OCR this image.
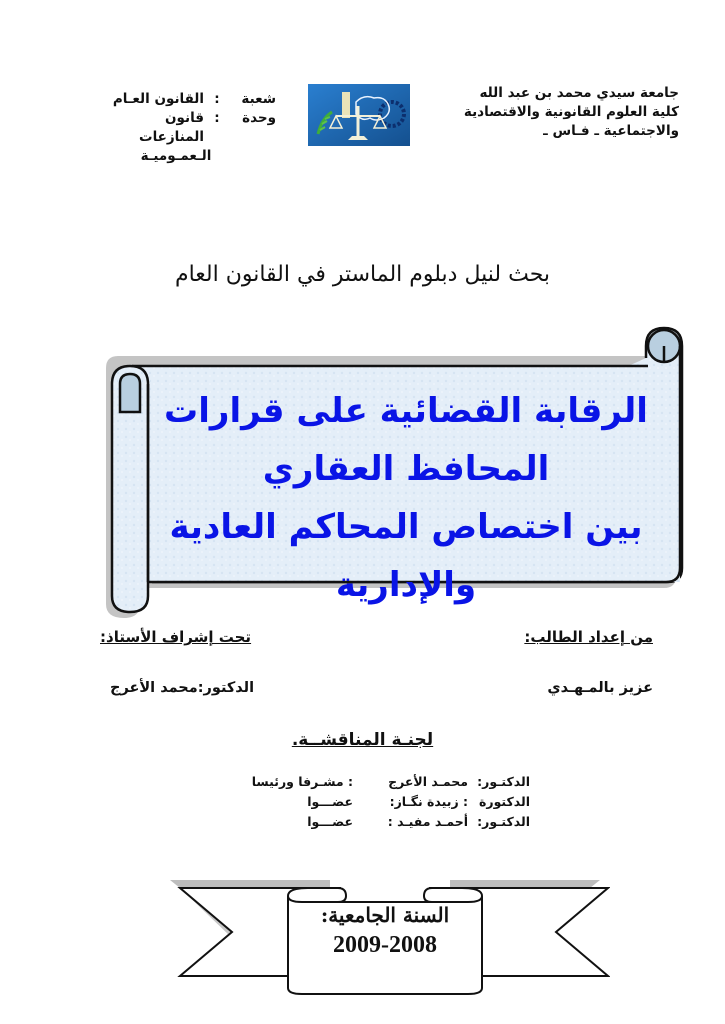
جامعة سيدي محمد بن عبد الله
كلية العلوم القانونية والاقتصادية
والاجتماعية ـ فـاس ـ
شعبة
:
القانون العـام
وحدة
:
قانون المنازعات
الـعمـوميـة
بحث لنيل دبلوم الماستر في القانون العام
الرقابة القضائية على قرارات المحافظ العقاري
بين اختصاص المحاكم العادية والإدارية
من إعداد الطالب:
عزيز بالمـهـدي
تحت إشراف الأستاذ:
الدكتور:محمد الأعرج
لجنـة المناقشــة.
الدكتـور:
محمـد الأعرج
: مشـرفا ورئيسا
الدكتورة
: زبيدة نگـاز:
عضـــوا
الدكتـور:
أحمـد مفيـد :
عضـــوا
السنة الجامعية:
2009-2008
